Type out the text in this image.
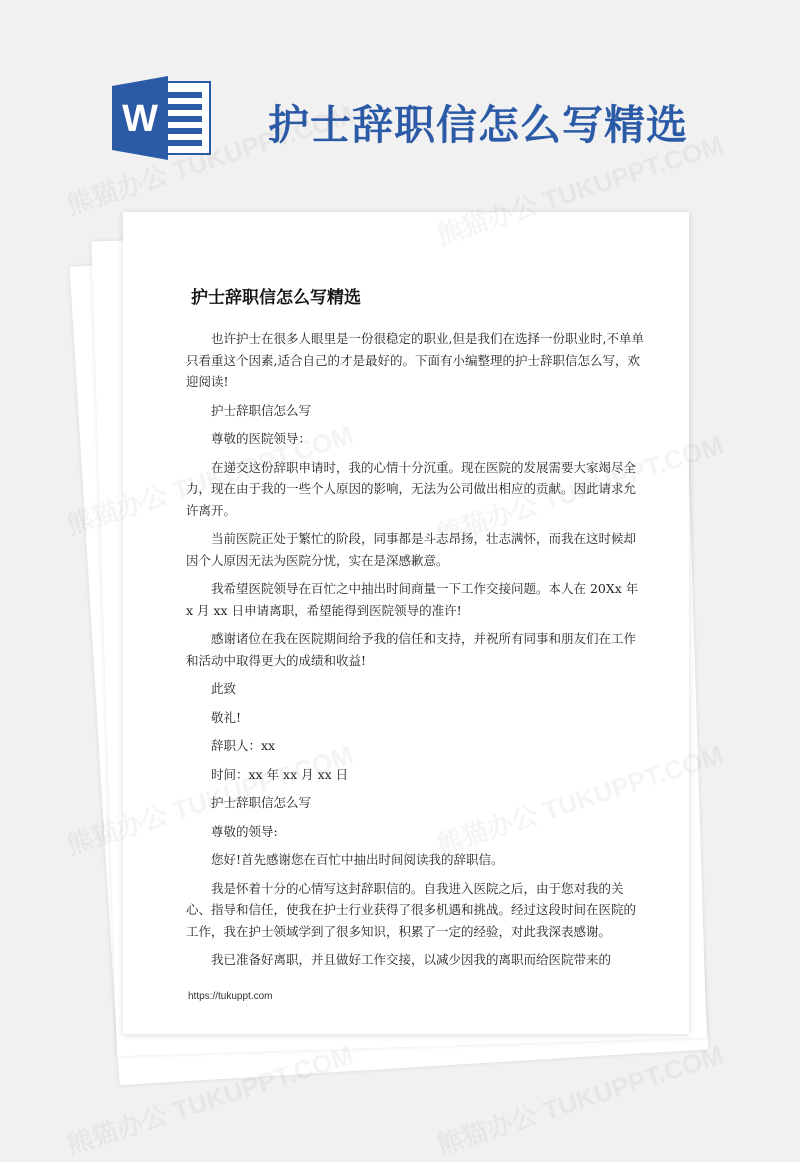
W	护士辞职信怎么写精选
护士辞职信怎么写精选

也许护士在很多人眼里是一份很稳定的职业,但是我们在选择一份职业时,不单单只看重这个因素,适合自己的才是最好的。下面有小编整理的护士辞职信怎么写，欢迎阅读!

护士辞职信怎么写

尊敬的医院领导：

在递交这份辞职申请时，我的心情十分沉重。现在医院的发展需要大家竭尽全力，现在由于我的一些个人原因的影响，无法为公司做出相应的贡献。因此请求允许离开。

当前医院正处于繁忙的阶段，同事都是斗志昂扬，壮志满怀，而我在这时候却因个人原因无法为医院分忧，实在是深感歉意。

我希望医院领导在百忙之中抽出时间商量一下工作交接问题。本人在 20Xx 年 x 月 xx 日申请离职，希望能得到医院领导的准许!

感谢诸位在我在医院期间给予我的信任和支持，并祝所有同事和朋友们在工作和活动中取得更大的成绩和收益!

此致

敬礼!

辞职人：xx

时间：xx 年 xx 月 xx 日

护士辞职信怎么写

尊敬的领导:

您好!首先感谢您在百忙中抽出时间阅读我的辞职信。

我是怀着十分的心情写这封辞职信的。自我进入医院之后，由于您对我的关心、指导和信任，使我在护士行业获得了很多机遇和挑战。经过这段时间在医院的工作，我在护士领域学到了很多知识，积累了一定的经验，对此我深表感谢。

我已准备好离职，并且做好工作交接，以减少因我的离职而给医院带来的

https://tukuppt.com
